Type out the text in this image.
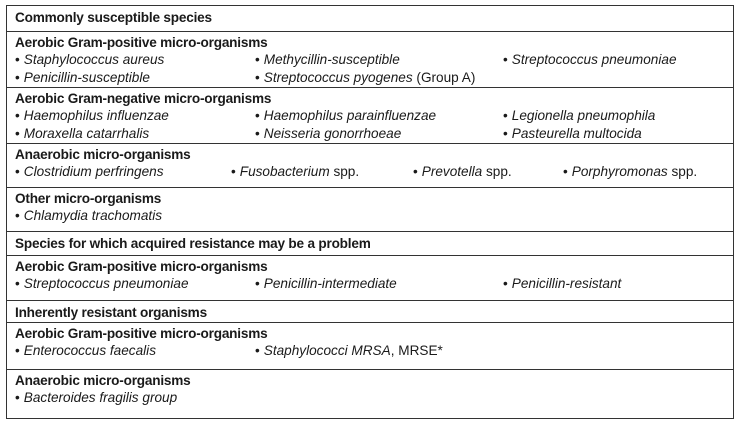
Commonly susceptible species
Aerobic Gram-positive micro-organisms
• Staphylococcus aureus	• Methycillin-susceptible	• Streptococcus pneumoniae
• Penicillin-susceptible	• Streptococcus pyogenes (Group A)
Aerobic Gram-negative micro-organisms
• Haemophilus influenzae	• Haemophilus parainfluenzae	• Legionella pneumophila
• Moraxella catarrhalis	• Neisseria gonorrhoeae	• Pasteurella multocida
Anaerobic micro-organisms
• Clostridium perfringens	• Fusobacterium spp.	• Prevotella spp.	• Porphyromonas spp.
Other micro-organisms
• Chlamydia trachomatis
Species for which acquired resistance may be a problem
Aerobic Gram-positive micro-organisms
• Streptococcus pneumoniae	• Penicillin-intermediate	• Penicillin-resistant
Inherently resistant organisms
Aerobic Gram-positive micro-organisms
• Enterococcus faecalis	• Staphylococci MRSA, MRSE*
Anaerobic micro-organisms
• Bacteroides fragilis group
